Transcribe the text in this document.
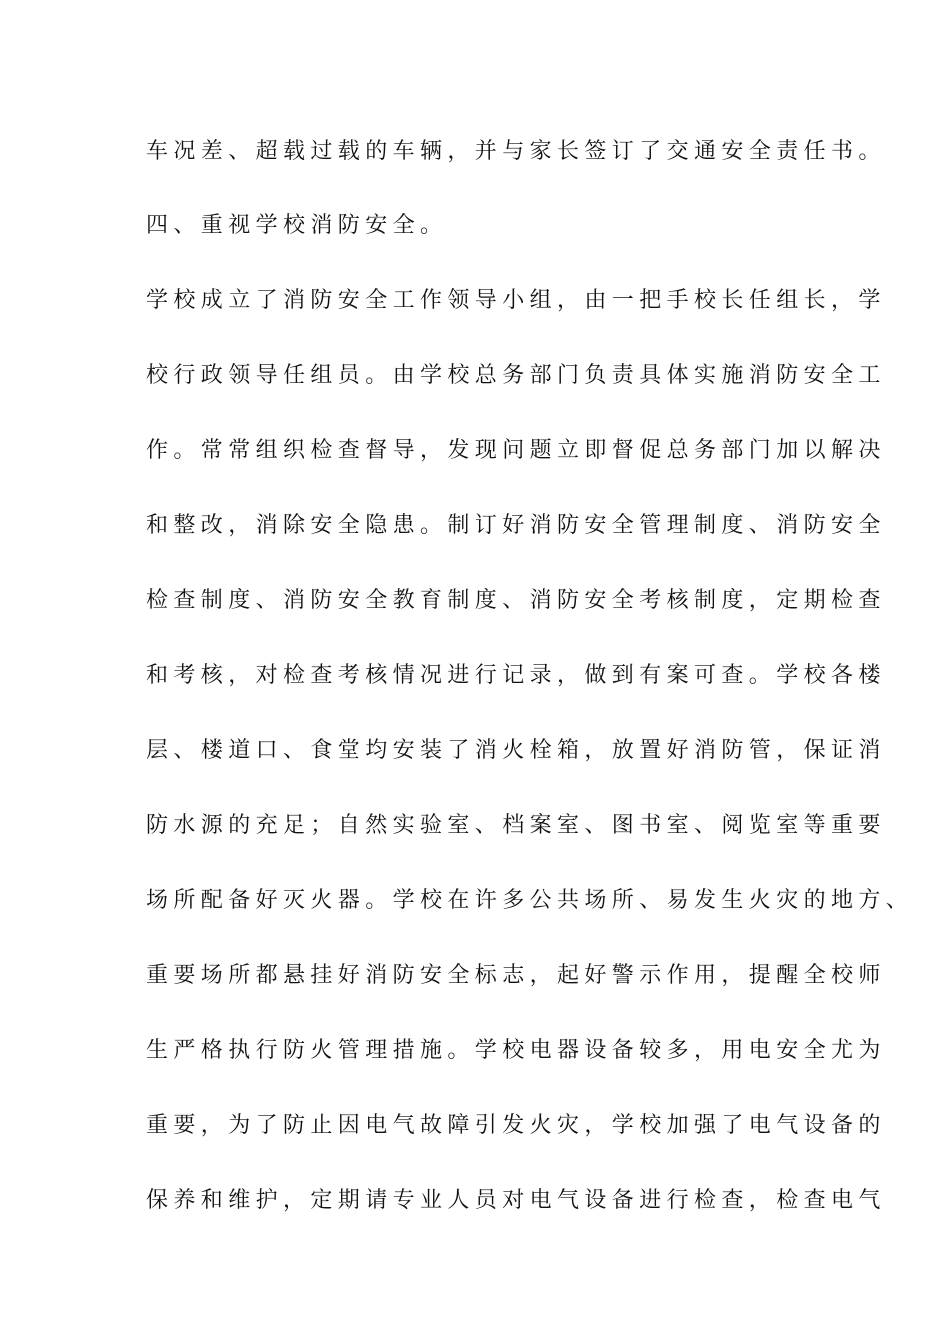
车况差、超载过载的车辆，并与家长签订了交通安全责任书。
四、重视学校消防安全。
学校成立了消防安全工作领导小组，由一把手校长任组长，学
校行政领导任组员。由学校总务部门负责具体实施消防安全工
作。常常组织检查督导，发现问题立即督促总务部门加以解决
和整改，消除安全隐患。制订好消防安全管理制度、消防安全
检查制度、消防安全教育制度、消防安全考核制度，定期检查
和考核，对检查考核情况进行记录，做到有案可查。学校各楼
层、楼道口、食堂均安装了消火栓箱，放置好消防管，保证消
防水源的充足；自然实验室、档案室、图书室、阅览室等重要
场所配备好灭火器。学校在许多公共场所、易发生火灾的地方、
重要场所都悬挂好消防安全标志，起好警示作用，提醒全校师
生严格执行防火管理措施。学校电器设备较多，用电安全尤为
重要，为了防止因电气故障引发火灾，学校加强了电气设备的
保养和维护，定期请专业人员对电气设备进行检查，检查电气
